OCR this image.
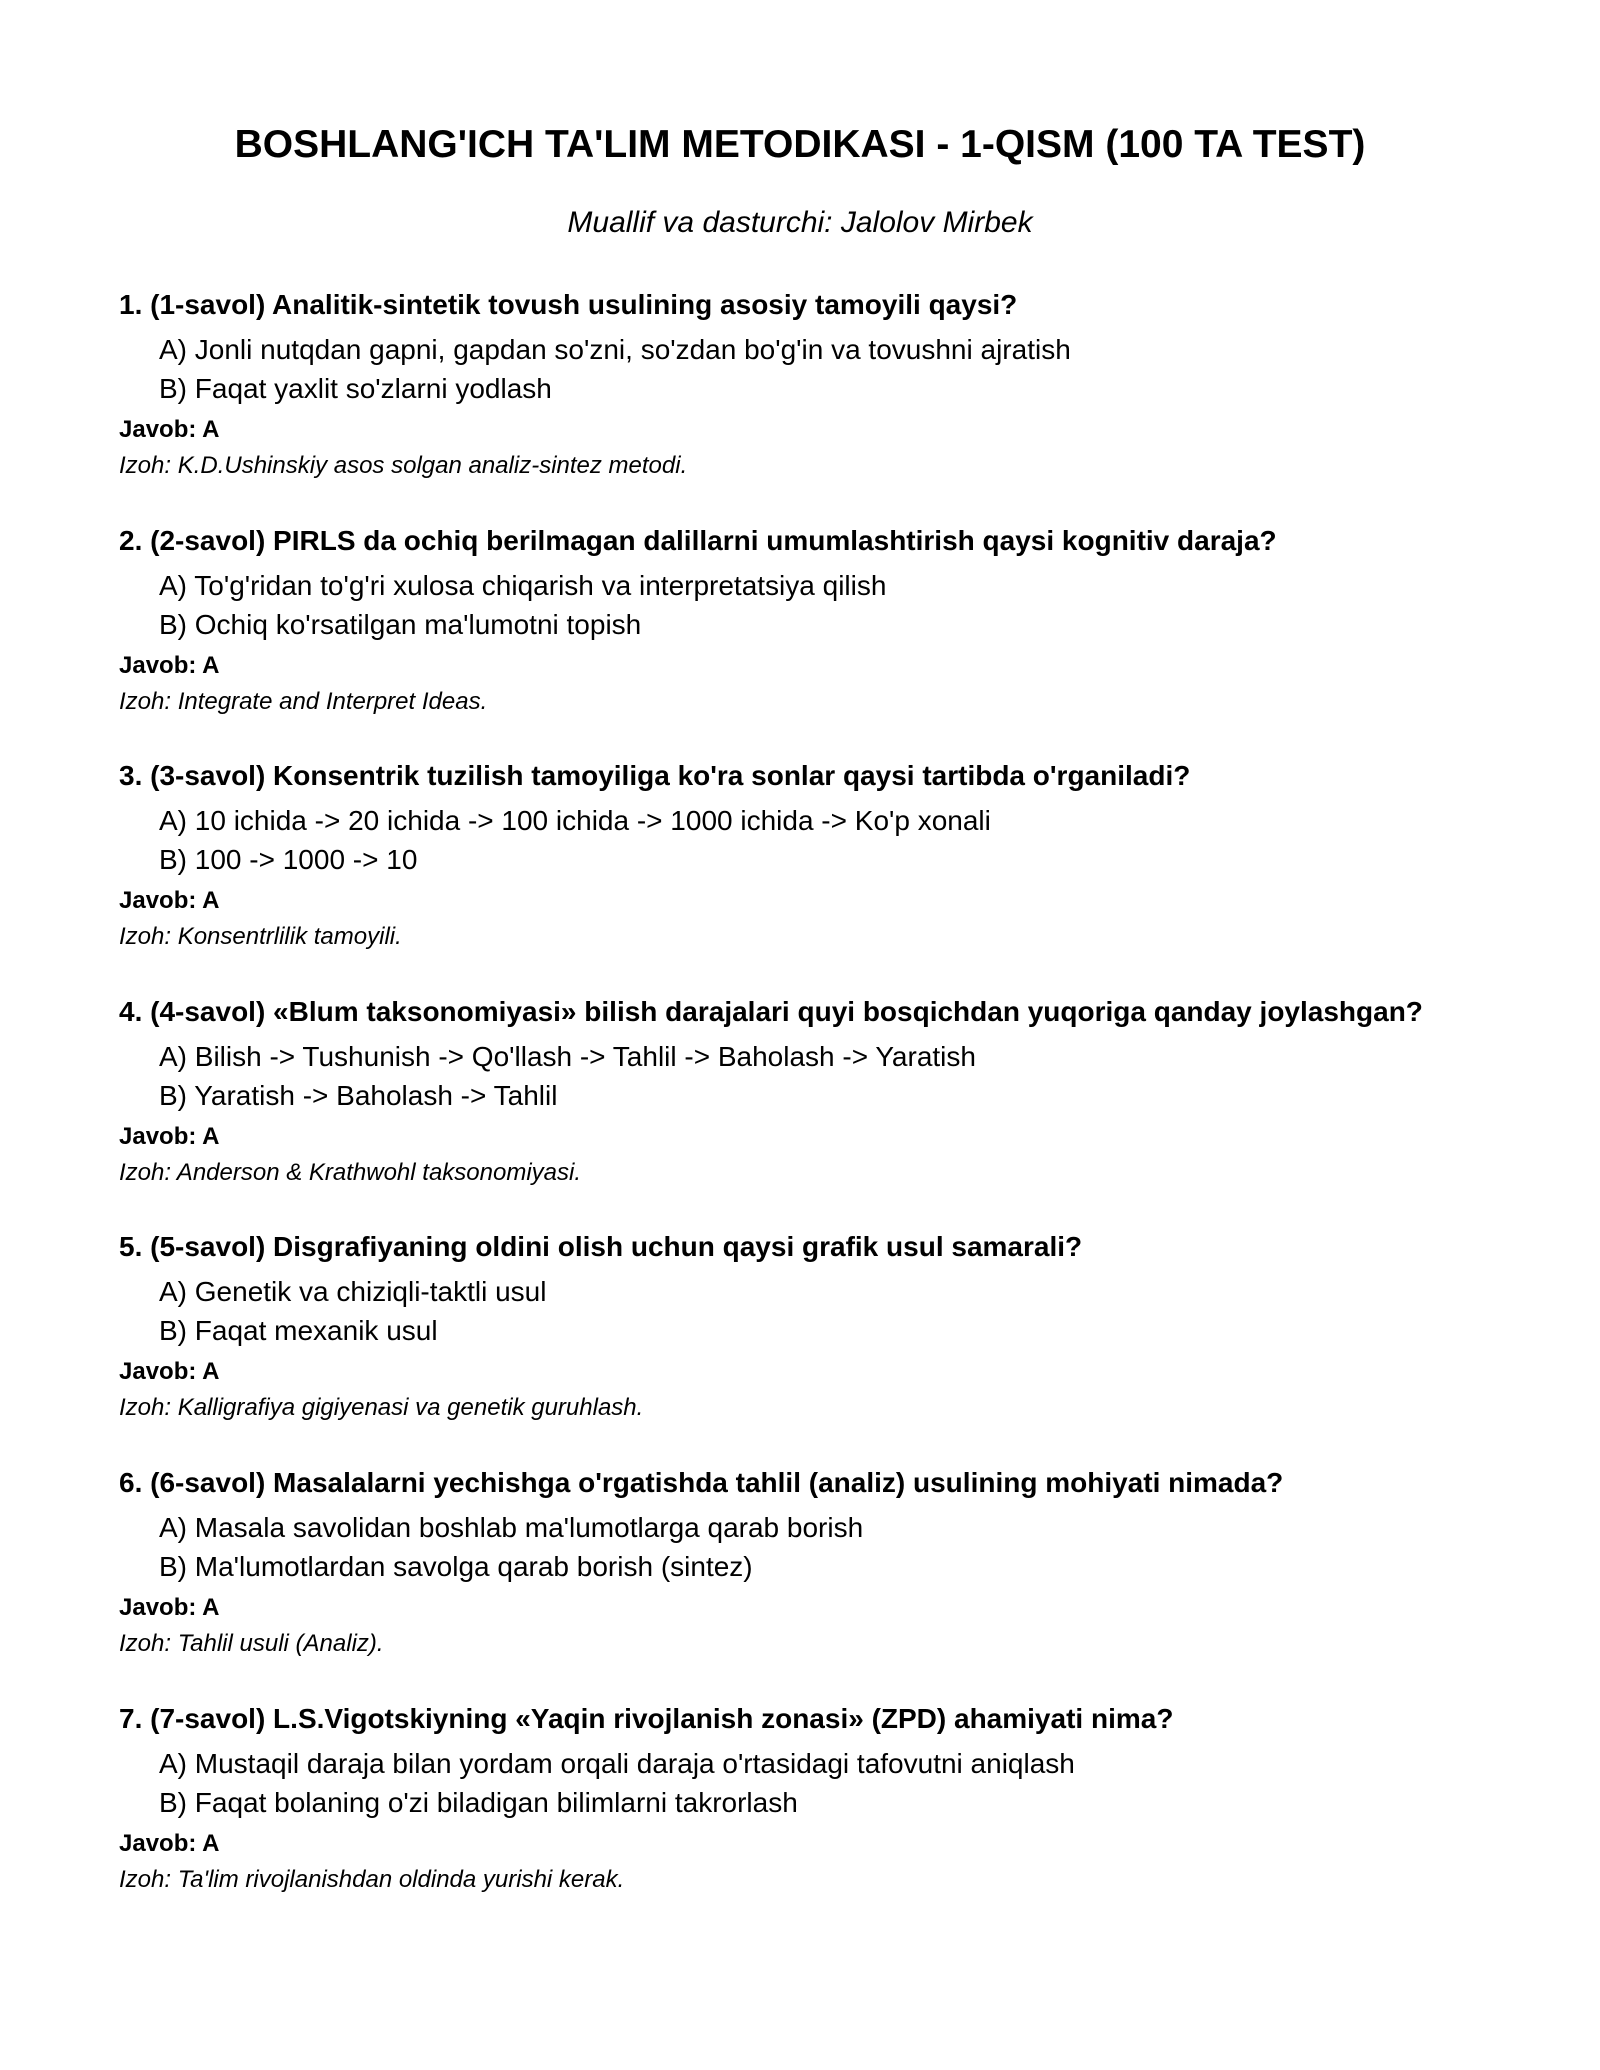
BOSHLANG'ICH TA'LIM METODIKASI - 1-QISM (100 TA TEST)

Muallif va dasturchi: Jalolov Mirbek

1. (1-savol) Analitik-sintetik tovush usulining asosiy tamoyili qaysi?
A) Jonli nutqdan gapni, gapdan so'zni, so'zdan bo'g'in va tovushni ajratish
B) Faqat yaxlit so'zlarni yodlash
Javob: A
Izoh: K.D.Ushinskiy asos solgan analiz-sintez metodi.
2. (2-savol) PIRLS da ochiq berilmagan dalillarni umumlashtirish qaysi kognitiv daraja?
A) To'g'ridan to'g'ri xulosa chiqarish va interpretatsiya qilish
B) Ochiq ko'rsatilgan ma'lumotni topish
Javob: A
Izoh: Integrate and Interpret Ideas.
3. (3-savol) Konsentrik tuzilish tamoyiliga ko'ra sonlar qaysi tartibda o'rganiladi?
A) 10 ichida -> 20 ichida -> 100 ichida -> 1000 ichida -> Ko'p xonali
B) 100 -> 1000 -> 10
Javob: A
Izoh: Konsentrlilik tamoyili.
4. (4-savol) «Blum taksonomiyasi» bilish darajalari quyi bosqichdan yuqoriga qanday joylashgan?
A) Bilish -> Tushunish -> Qo'llash -> Tahlil -> Baholash -> Yaratish
B) Yaratish -> Baholash -> Tahlil
Javob: A
Izoh: Anderson & Krathwohl taksonomiyasi.
5. (5-savol) Disgrafiyaning oldini olish uchun qaysi grafik usul samarali?
A) Genetik va chiziqli-taktli usul
B) Faqat mexanik usul
Javob: A
Izoh: Kalligrafiya gigiyenasi va genetik guruhlash.
6. (6-savol) Masalalarni yechishga o'rgatishda tahlil (analiz) usulining mohiyati nimada?
A) Masala savolidan boshlab ma'lumotlarga qarab borish
B) Ma'lumotlardan savolga qarab borish (sintez)
Javob: A
Izoh: Tahlil usuli (Analiz).
7. (7-savol) L.S.Vigotskiyning «Yaqin rivojlanish zonasi» (ZPD) ahamiyati nima?
A) Mustaqil daraja bilan yordam orqali daraja o'rtasidagi tafovutni aniqlash
B) Faqat bolaning o'zi biladigan bilimlarni takrorlash
Javob: A
Izoh: Ta'lim rivojlanishdan oldinda yurishi kerak.
